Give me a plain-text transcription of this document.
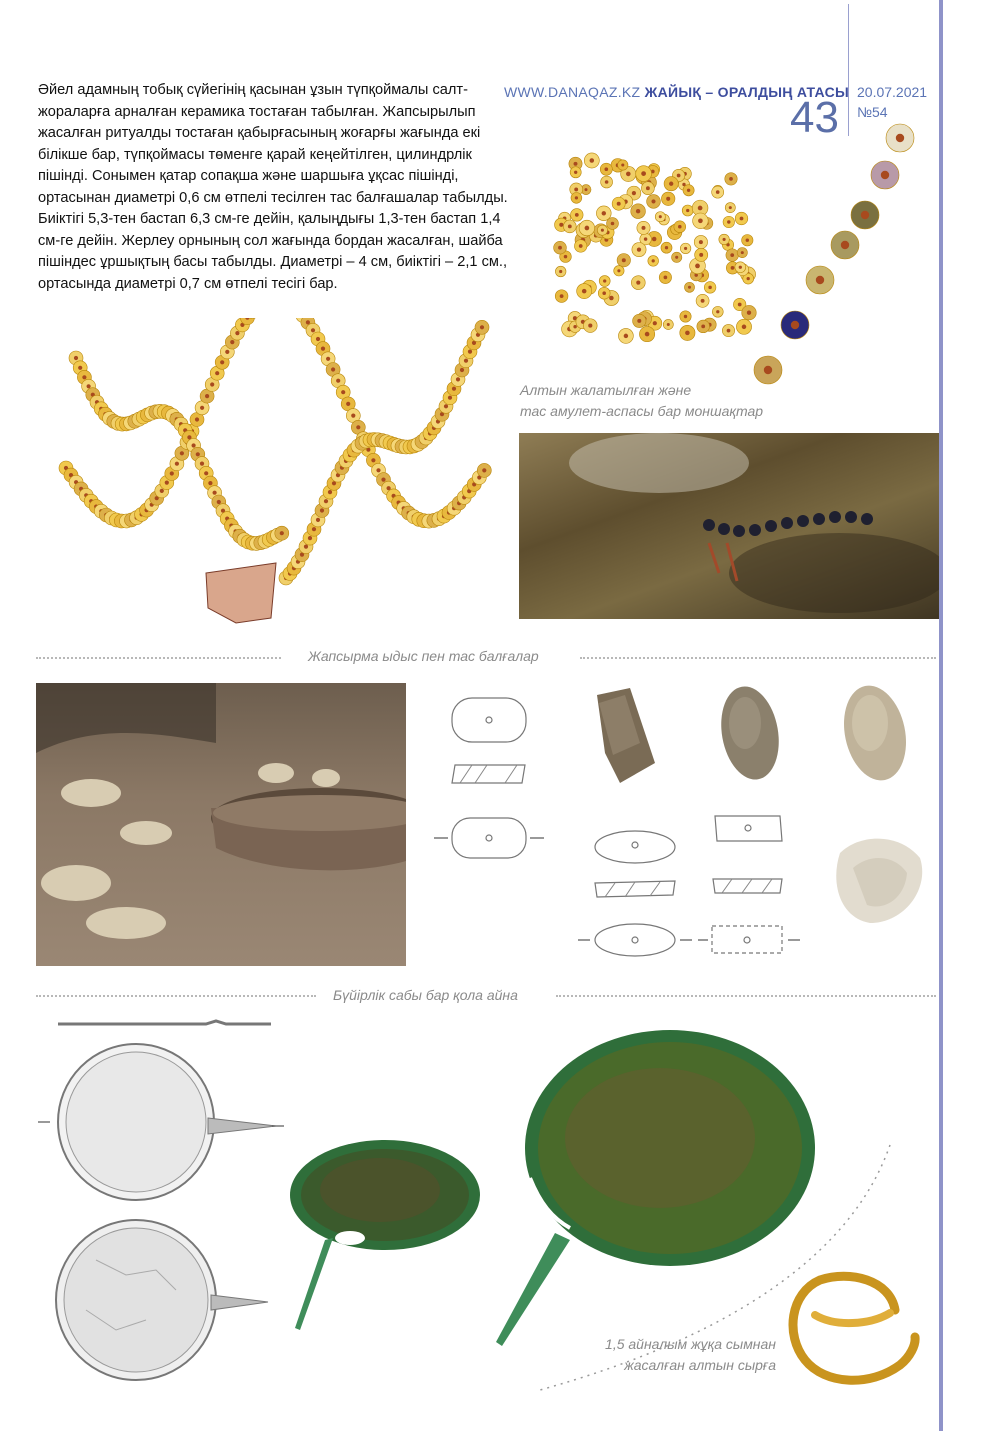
WWW.DANAQAZ.KZ ЖАЙЫҚ – ОРАЛДЫҢ АТАСЫ
43
20.07.2021
№54

Әйел адамның тобық сүйегінің қасынан ұзын түпқоймалы салт-жораларға арналған керамика тостаған табылған. Жапсырылып жасалған ритуалды тостаған қабырғасының жоғарғы жағында екі білікше бар, түпқоймасы төменге қарай кеңейтілген, цилиндрлік пішінді. Сонымен қатар сопақша және шаршыға ұқсас пішінді, ортасынан диаметрі 0,6 см өтпелі тесілген тас балғашалар табылды. Биіктігі 5,3-тен бастап 6,3 см-ге дейін, қалыңдығы 1,3-тен бастап 1,4 см-ге дейін. Жерлеу орнының сол жағында бордан жасалған, шайба пішіндес ұршықтың басы табылды. Диаметрі – 4 см, биіктігі – 2,1 см., ортасында диаметрі 0,7 см өтпелі тесігі бар.

Алтын жалатылған және
тас амулет-аспасы бар моншақтар
Жапсырма ыдыс пен тас балғалар
Бүйірлік сабы бар қола айна
1,5 айналым жұқа сымнан
жасалған алтын сырға
